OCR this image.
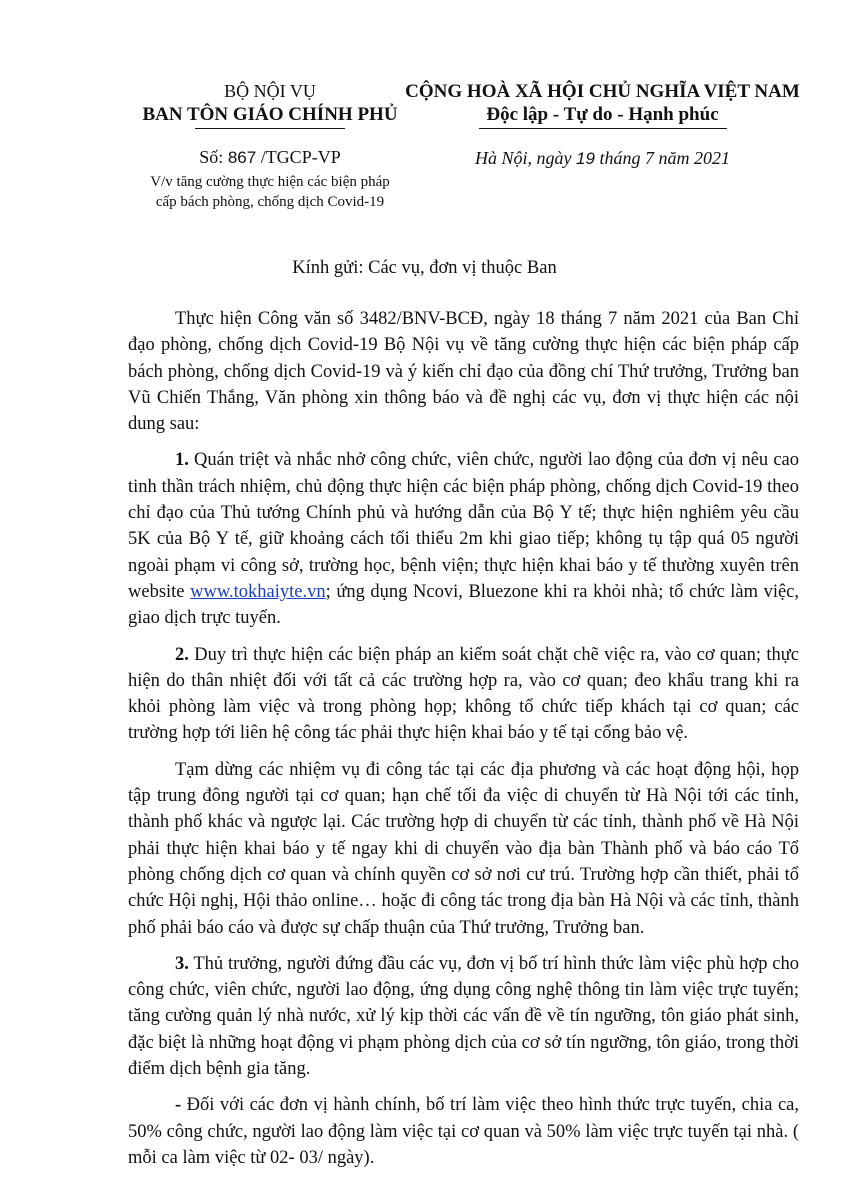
BỘ NỘI VỤ
BAN TÔN GIÁO CHÍNH PHỦ
CỘNG HOÀ XÃ HỘI CHỦ NGHĨA VIỆT NAM
Độc lập - Tự do - Hạnh phúc
Số: 867 /TGCP-VP
V/v tăng cường thực hiện các biện pháp
cấp bách phòng, chống dịch Covid-19
Hà Nội, ngày 19 tháng 7 năm 2021
Kính gửi: Các vụ, đơn vị thuộc Ban

Thực hiện Công văn số 3482/BNV-BCĐ, ngày 18 tháng 7 năm 2021 của Ban Chỉ đạo phòng, chống dịch Covid-19 Bộ Nội vụ về tăng cường thực hiện các biện pháp cấp bách phòng, chống dịch Covid-19 và ý kiến chỉ đạo của đồng chí Thứ trưởng, Trưởng ban Vũ Chiến Thắng, Văn phòng xin thông báo và đề nghị các vụ, đơn vị thực hiện các nội dung sau:

1. Quán triệt và nhắc nhở công chức, viên chức, người lao động của đơn vị nêu cao tinh thần trách nhiệm, chủ động thực hiện các biện pháp phòng, chống dịch Covid-19 theo chỉ đạo của Thủ tướng Chính phủ và hướng dẫn của Bộ Y tế; thực hiện nghiêm yêu cầu 5K của Bộ Y tế, giữ khoảng cách tối thiểu 2m khi giao tiếp; không tụ tập quá 05 người ngoài phạm vi công sở, trường học, bệnh viện; thực hiện khai báo y tế thường xuyên trên website www.tokhaiyte.vn; ứng dụng Ncovi, Bluezone khi ra khỏi nhà; tổ chức làm việc, giao dịch trực tuyến.

2. Duy trì thực hiện các biện pháp an kiểm soát chặt chẽ việc ra, vào cơ quan; thực hiện do thân nhiệt đối với tất cả các trường hợp ra, vào cơ quan; đeo khẩu trang khi ra khỏi phòng làm việc và trong phòng họp; không tổ chức tiếp khách tại cơ quan; các trường hợp tới liên hệ công tác phải thực hiện khai báo y tế tại cổng bảo vệ.

Tạm dừng các nhiệm vụ đi công tác tại các địa phương và các hoạt động hội, họp tập trung đông người tại cơ quan; hạn chế tối đa việc di chuyển từ Hà Nội tới các tỉnh, thành phố khác và ngược lại. Các trường hợp di chuyển từ các tỉnh, thành phố về Hà Nội phải thực hiện khai báo y tế ngay khi di chuyển vào địa bàn Thành phố và báo cáo Tổ phòng chống dịch cơ quan và chính quyền cơ sở nơi cư trú. Trường hợp cần thiết, phải tổ chức Hội nghị, Hội thảo online… hoặc đi công tác trong địa bàn Hà Nội và các tỉnh, thành phố phải báo cáo và được sự chấp thuận của Thứ trưởng, Trưởng ban.

3. Thủ trưởng, người đứng đầu các vụ, đơn vị bố trí hình thức làm việc phù hợp cho công chức, viên chức, người lao động, ứng dụng công nghệ thông tin làm việc trực tuyến; tăng cường quản lý nhà nước, xử lý kịp thời các vấn đề về tín ngưỡng, tôn giáo phát sinh, đặc biệt là những hoạt động vi phạm phòng dịch của cơ sở tín ngưỡng, tôn giáo, trong thời điểm dịch bệnh gia tăng.

- Đối với các đơn vị hành chính, bố trí làm việc theo hình thức trực tuyến, chia ca, 50% công chức, người lao động làm việc tại cơ quan và 50% làm việc trực tuyến tại nhà. ( mỗi ca làm việc từ 02- 03/ ngày).
